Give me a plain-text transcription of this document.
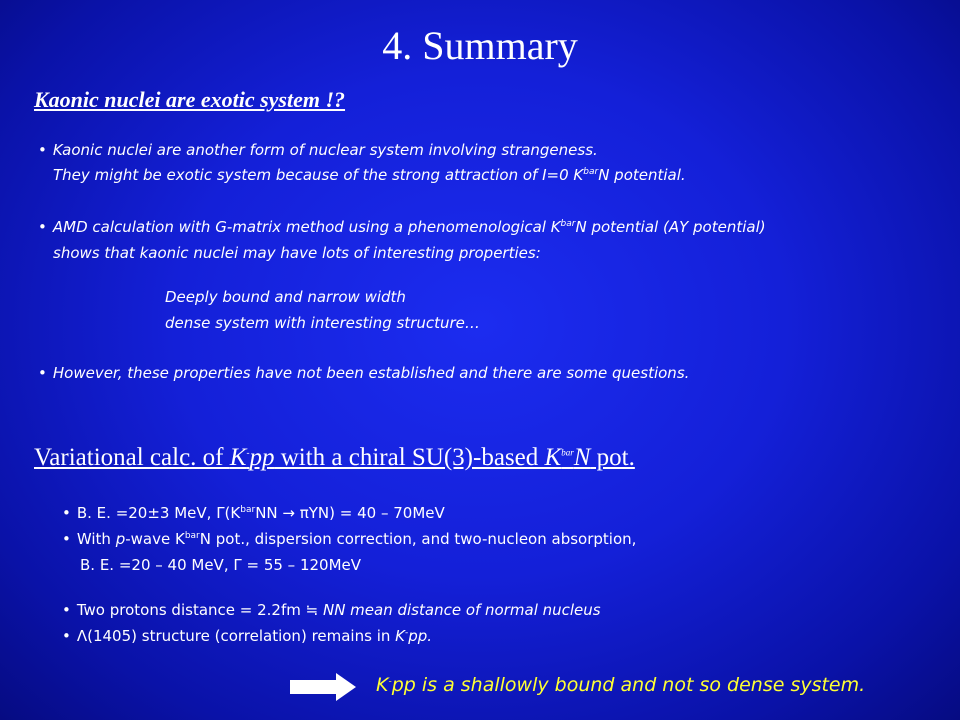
4. Summary
Kaonic nuclei are exotic system !?
• Kaonic nuclei are another form of nuclear system involving strangeness.
They might be exotic system because of the strong attraction of I=0 $K^{bar}N$ potential.
• AMD calculation with G-matrix method using a phenomenological $K^{bar}N$ potential (AY potential)
shows that kaonic nuclei may have lots of interesting properties:
Deeply bound and narrow width
dense system with interesting structure…
• However, these properties have not been established and there are some questions.
Variational calc. of K-pp with a chiral SU(3)-based $K^{bar}N$ pot.
• B. E. =20±3 MeV, $\Gamma(K^{bar}NN \to \pi YN) = 40 - 70MeV$
• With p-wave $K^{bar}N$ pot., dispersion correction, and two-nucleon absorption,
B. E. =20 – 40 MeV, Γ = 55 – 120MeV
• Two protons distance = 2.2fm ≒ NN mean distance of normal nucleus
• Λ(1405) structure (correlation) remains in K-pp.
K-pp is a shallowly bound and not so dense system.
